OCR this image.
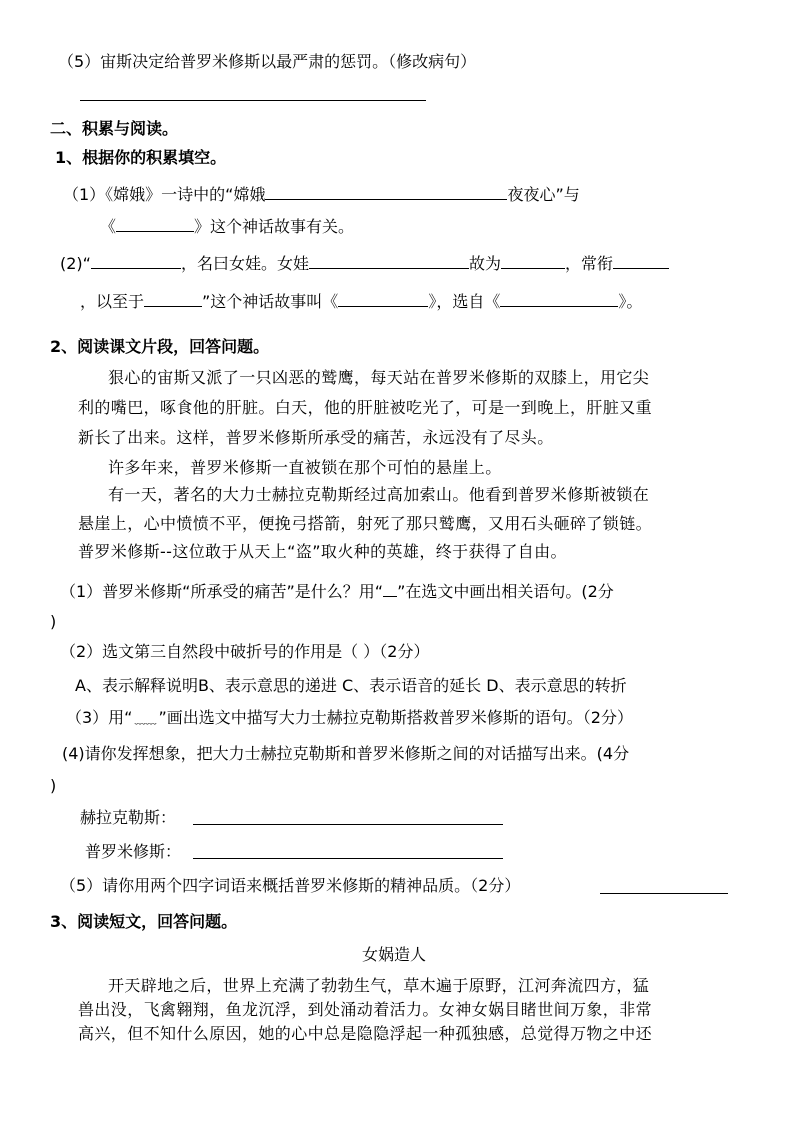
（5）宙斯决定给普罗米修斯以最严肃的惩罚。（修改病句）
二、积累与阅读。
1、根据你的积累填空。
（1）《嫦娥》一诗中的“嫦娥	夜夜心”与
《	》这个神话故事有关。
(2)“	，名曰女娃。女娃	故为	，常衔
，以至于	”这个神话故事叫《	》，选自《	》。
2、阅读课文片段，回答问题。
狠心的宙斯又派了一只凶恶的鹫鹰，每天站在普罗米修斯的双膝上，用它尖
利的嘴巴，啄食他的肝脏。白天，他的肝脏被吃光了，可是一到晚上，肝脏又重
新长了出来。这样，普罗米修斯所承受的痛苦，永远没有了尽头。
许多年来，普罗米修斯一直被锁在那个可怕的悬崖上。
有一天，著名的大力士赫拉克勒斯经过高加索山。他看到普罗米修斯被锁在
悬崖上，心中愤愤不平，便挽弓搭箭，射死了那只鹫鹰，又用石头砸碎了锁链。
普罗米修斯--这位敢于从天上“盗”取火种的英雄，终于获得了自由。
（1）普罗米修斯“所承受的痛苦”是什么？用“ ”在选文中画出相关语句。(2分
)
（2）选文第三自然段中破折号的作用是（ ）（2分）
A、表示解释说明B、表示意思的递进 C、表示语音的延长 D、表示意思的转折
（3）用“ ﹏﹏ ”画出选文中描写大力士赫拉克勒斯搭救普罗米修斯的语句。（2分）
(4)请你发挥想象，把大力士赫拉克勒斯和普罗米修斯之间的对话描写出来。(4分
)
赫拉克勒斯：
普罗米修斯：
（5）请你用两个四字词语来概括普罗米修斯的精神品质。（2分）
3、阅读短文，回答问题。
女娲造人
开天辟地之后，世界上充满了勃勃生气，草木遍于原野，江河奔流四方，猛
兽出没，飞禽翱翔，鱼龙沉浮，到处涌动着活力。女神女娲目睹世间万象，非常
高兴，但不知什么原因，她的心中总是隐隐浮起一种孤独感，总觉得万物之中还
